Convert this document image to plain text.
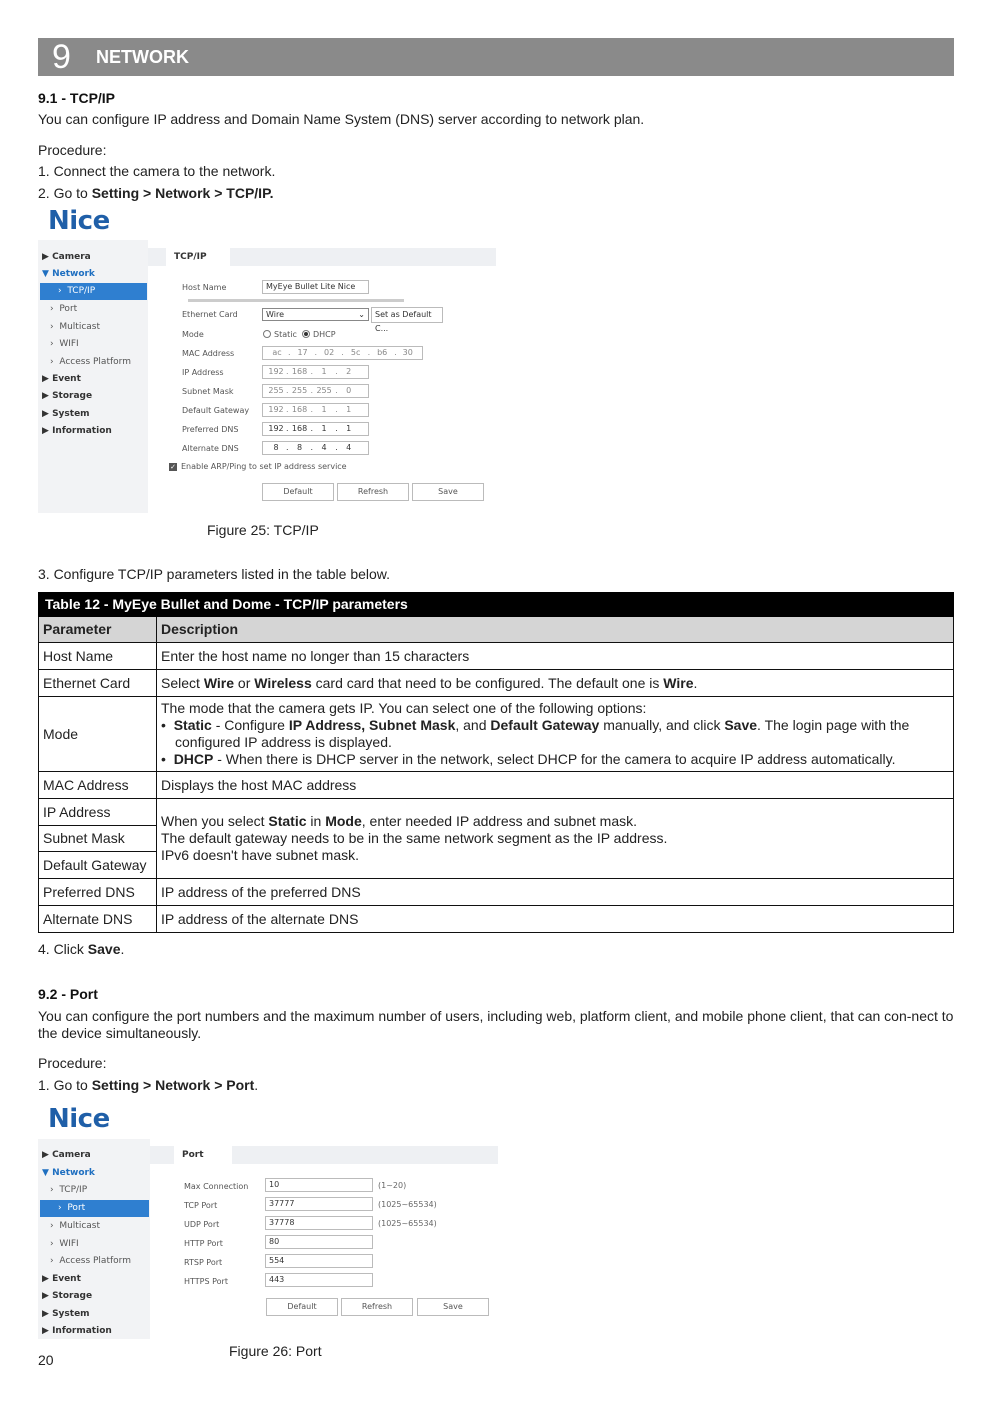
9 NETWORK
9.1 - TCP/IP
You can configure IP address and Domain Name System (DNS) server according to network plan.
Procedure:
1. Connect the camera to the network.
2. Go to Setting > Network > TCP/IP.
Nice
▶ Camera
▼ Network
›  TCP/IP
›  Port
›  Multicast
›  WIFI
›  Access Platform
▶ Event
▶ Storage
▶ System
▶ Information
TCP/IP
Host Name	MyEye Bullet Lite Nice
Ethernet Card	Wire	⌄	Set as Default C...
Mode	Static DHCP
MAC Address	ac . 17 . 02 . 5c . b6 . 30
IP Address	192 . 168 . 1 . 2
Subnet Mask	255 . 255 . 255 . 0
Default Gateway	192 . 168 . 1 . 1
Preferred DNS	192 . 168 . 1 . 1
Alternate DNS	8 . 8 . 4 . 4
✓ Enable ARP/Ping to set IP address service
Default	Refresh	Save
Figure 25: TCP/IP
3. Configure TCP/IP parameters listed in the table below.
Table 12 - MyEye Bullet and Dome - TCP/IP parameters	
Parameter	Description
Host Name	Enter the host name no longer than 15 characters
Ethernet Card	Select Wire or Wireless card card that need to be configured. The default one is Wire.
Mode	The mode that the camera gets IP. You can select one of the following options:
• Static - Configure IP Address, Subnet Mask, and Default Gateway manually, and click Save. The login page with the configured IP address is displayed.
• DHCP - When there is DHCP server in the network, select DHCP for the camera to acquire IP address automatically.

MAC Address	Displays the host MAC address
IP Address	When you select Static in Mode, enter needed IP address and subnet mask.
The default gateway needs to be in the same network segment as the IP address.
IPv6 doesn't have subnet mask.

Subnet Mask	
Default Gateway	
Preferred DNS	IP address of the preferred DNS
Alternate DNS	IP address of the alternate DNS
4. Click Save.
9.2 - Port
You can configure the port numbers and the maximum number of users, including web, platform client, and mobile phone client, that can con-nect to the device simultaneously.
Procedure:
1. Go to Setting > Network > Port.
Nice
▶ Camera
▼ Network
›  TCP/IP
›  Port
›  Multicast
›  WIFI
›  Access Platform
▶ Event
▶ Storage
▶ System
▶ Information
Port
Max Connection	10	(1~20)
TCP Port	37777	(1025~65534)
UDP Port	37778	(1025~65534)
HTTP Port	80
RTSP Port	554
HTTPS Port	443
Default	Refresh	Save
Figure 26: Port
20
